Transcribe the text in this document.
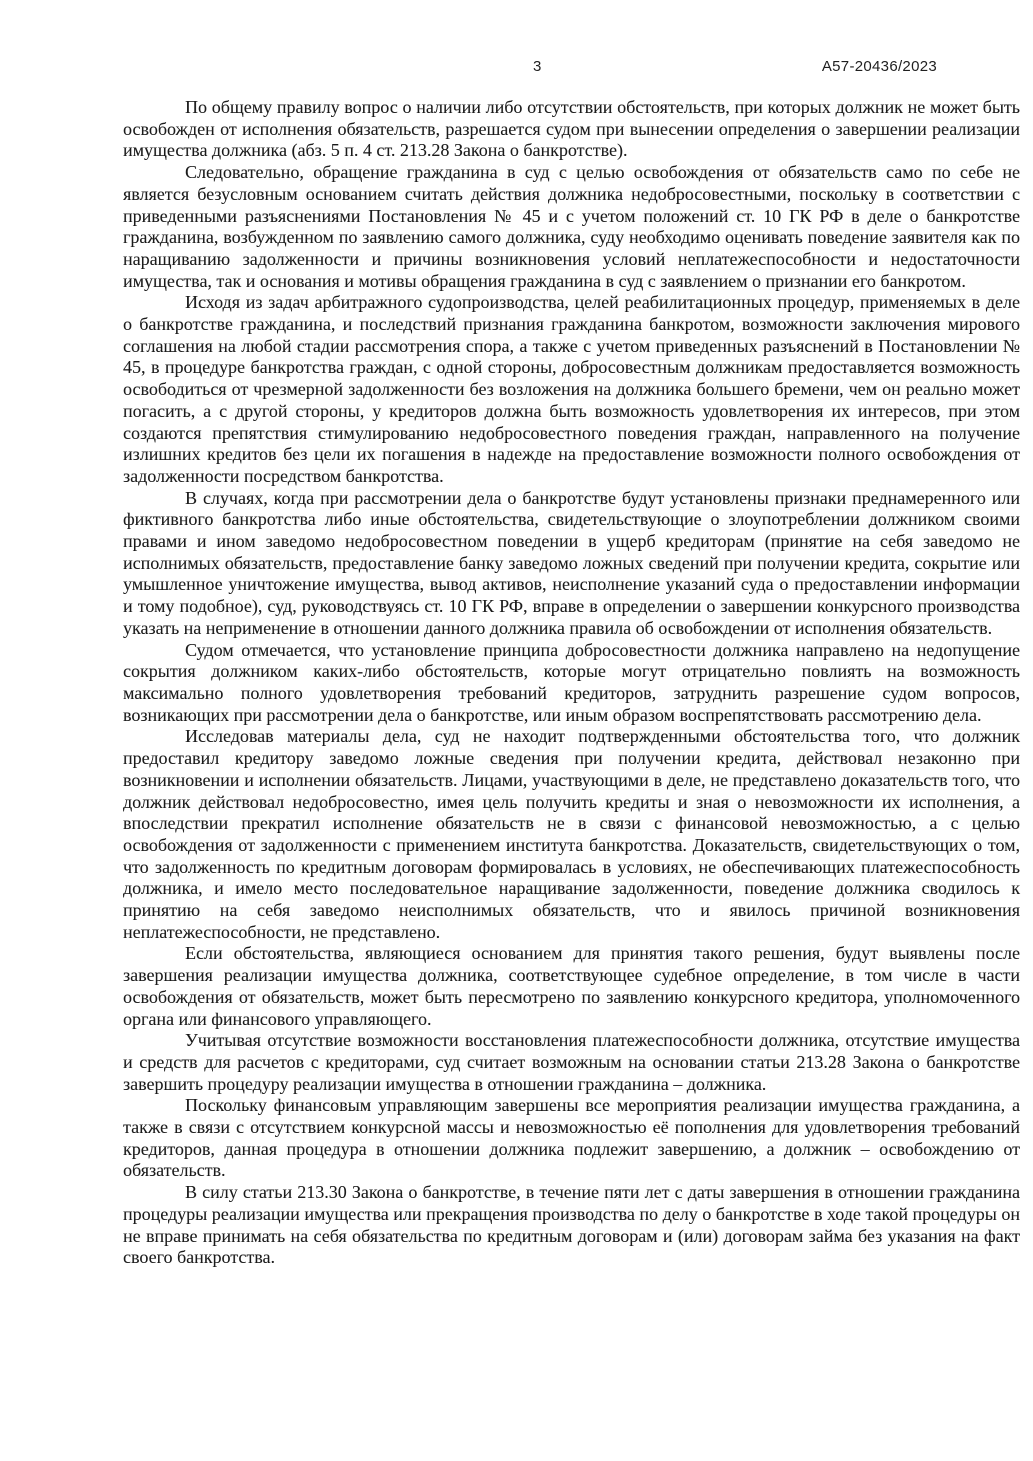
3	А57-20436/2023

По общему правилу вопрос о наличии либо отсутствии обстоятельств, при которых должник не может быть освобожден от исполнения обязательств, разрешается судом при вынесении определения о завершении реализации имущества должника (абз. 5 п. 4 ст. 213.28 Закона о банкротстве).

Следовательно, обращение гражданина в суд с целью освобождения от обязательств само по себе не является безусловным основанием считать действия должника недобросовестными, поскольку в соответствии с приведенными разъяснениями Постановления № 45 и с учетом положений ст. 10 ГК РФ в деле о банкротстве гражданина, возбужденном по заявлению самого должника, суду необходимо оценивать поведение заявителя как по наращиванию задолженности и причины возникновения условий неплатежеспособности и недостаточности имущества, так и основания и мотивы обращения гражданина в суд с заявлением о признании его банкротом.

Исходя из задач арбитражного судопроизводства, целей реабилитационных процедур, применяемых в деле о банкротстве гражданина, и последствий признания гражданина банкротом, возможности заключения мирового соглашения на любой стадии рассмотрения спора, а также с учетом приведенных разъяснений в Постановлении № 45, в процедуре банкротства граждан, с одной стороны, добросовестным должникам предоставляется возможность освободиться от чрезмерной задолженности без возложения на должника большего бремени, чем он реально может погасить, а с другой стороны, у кредиторов должна быть возможность удовлетворения их интересов, при этом создаются препятствия стимулированию недобросовестного поведения граждан, направленного на получение излишних кредитов без цели их погашения в надежде на предоставление возможности полного освобождения от задолженности посредством банкротства.

В случаях, когда при рассмотрении дела о банкротстве будут установлены признаки преднамеренного или фиктивного банкротства либо иные обстоятельства, свидетельствующие о злоупотреблении должником своими правами и ином заведомо недобросовестном поведении в ущерб кредиторам (принятие на себя заведомо не исполнимых обязательств, предоставление банку заведомо ложных сведений при получении кредита, сокрытие или умышленное уничтожение имущества, вывод активов, неисполнение указаний суда о предоставлении информации и тому подобное), суд, руководствуясь ст. 10 ГК РФ, вправе в определении о завершении конкурсного производства указать на неприменение в отношении данного должника правила об освобождении от исполнения обязательств.

Судом отмечается, что установление принципа добросовестности должника направлено на недопущение сокрытия должником каких-либо обстоятельств, которые могут отрицательно повлиять на возможность максимально полного удовлетворения требований кредиторов, затруднить разрешение судом вопросов, возникающих при рассмотрении дела о банкротстве, или иным образом воспрепятствовать рассмотрению дела.

Исследовав материалы дела, суд не находит подтвержденными обстоятельства того, что должник предоставил кредитору заведомо ложные сведения при получении кредита, действовал незаконно при возникновении и исполнении обязательств. Лицами, участвующими в деле, не представлено доказательств того, что должник действовал недобросовестно, имея цель получить кредиты и зная о невозможности их исполнения, а впоследствии прекратил исполнение обязательств не в связи с финансовой невозможностью, а с целью освобождения от задолженности с применением института банкротства. Доказательств, свидетельствующих о том, что задолженность по кредитным договорам формировалась в условиях, не обеспечивающих платежеспособность должника, и имело место последовательное наращивание задолженности, поведение должника сводилось к принятию на себя заведомо неисполнимых обязательств, что и явилось причиной возникновения неплатежеспособности, не представлено.

Если обстоятельства, являющиеся основанием для принятия такого решения, будут выявлены после завершения реализации имущества должника, соответствующее судебное определение, в том числе в части освобождения от обязательств, может быть пересмотрено по заявлению конкурсного кредитора, уполномоченного органа или финансового управляющего.

Учитывая отсутствие возможности восстановления платежеспособности должника, отсутствие имущества и средств для расчетов с кредиторами, суд считает возможным на основании статьи 213.28 Закона о банкротстве завершить процедуру реализации имущества в отношении гражданина – должника.

Поскольку финансовым управляющим завершены все мероприятия реализации имущества гражданина, а также в связи с отсутствием конкурсной массы и невозможностью её пополнения для удовлетворения требований кредиторов, данная процедура в отношении должника подлежит завершению, а должник – освобождению от обязательств.

В силу статьи 213.30 Закона о банкротстве, в течение пяти лет с даты завершения в отношении гражданина процедуры реализации имущества или прекращения производства по делу о банкротстве в ходе такой процедуры он не вправе принимать на себя обязательства по кредитным договорам и (или) договорам займа без указания на факт своего банкротства.
